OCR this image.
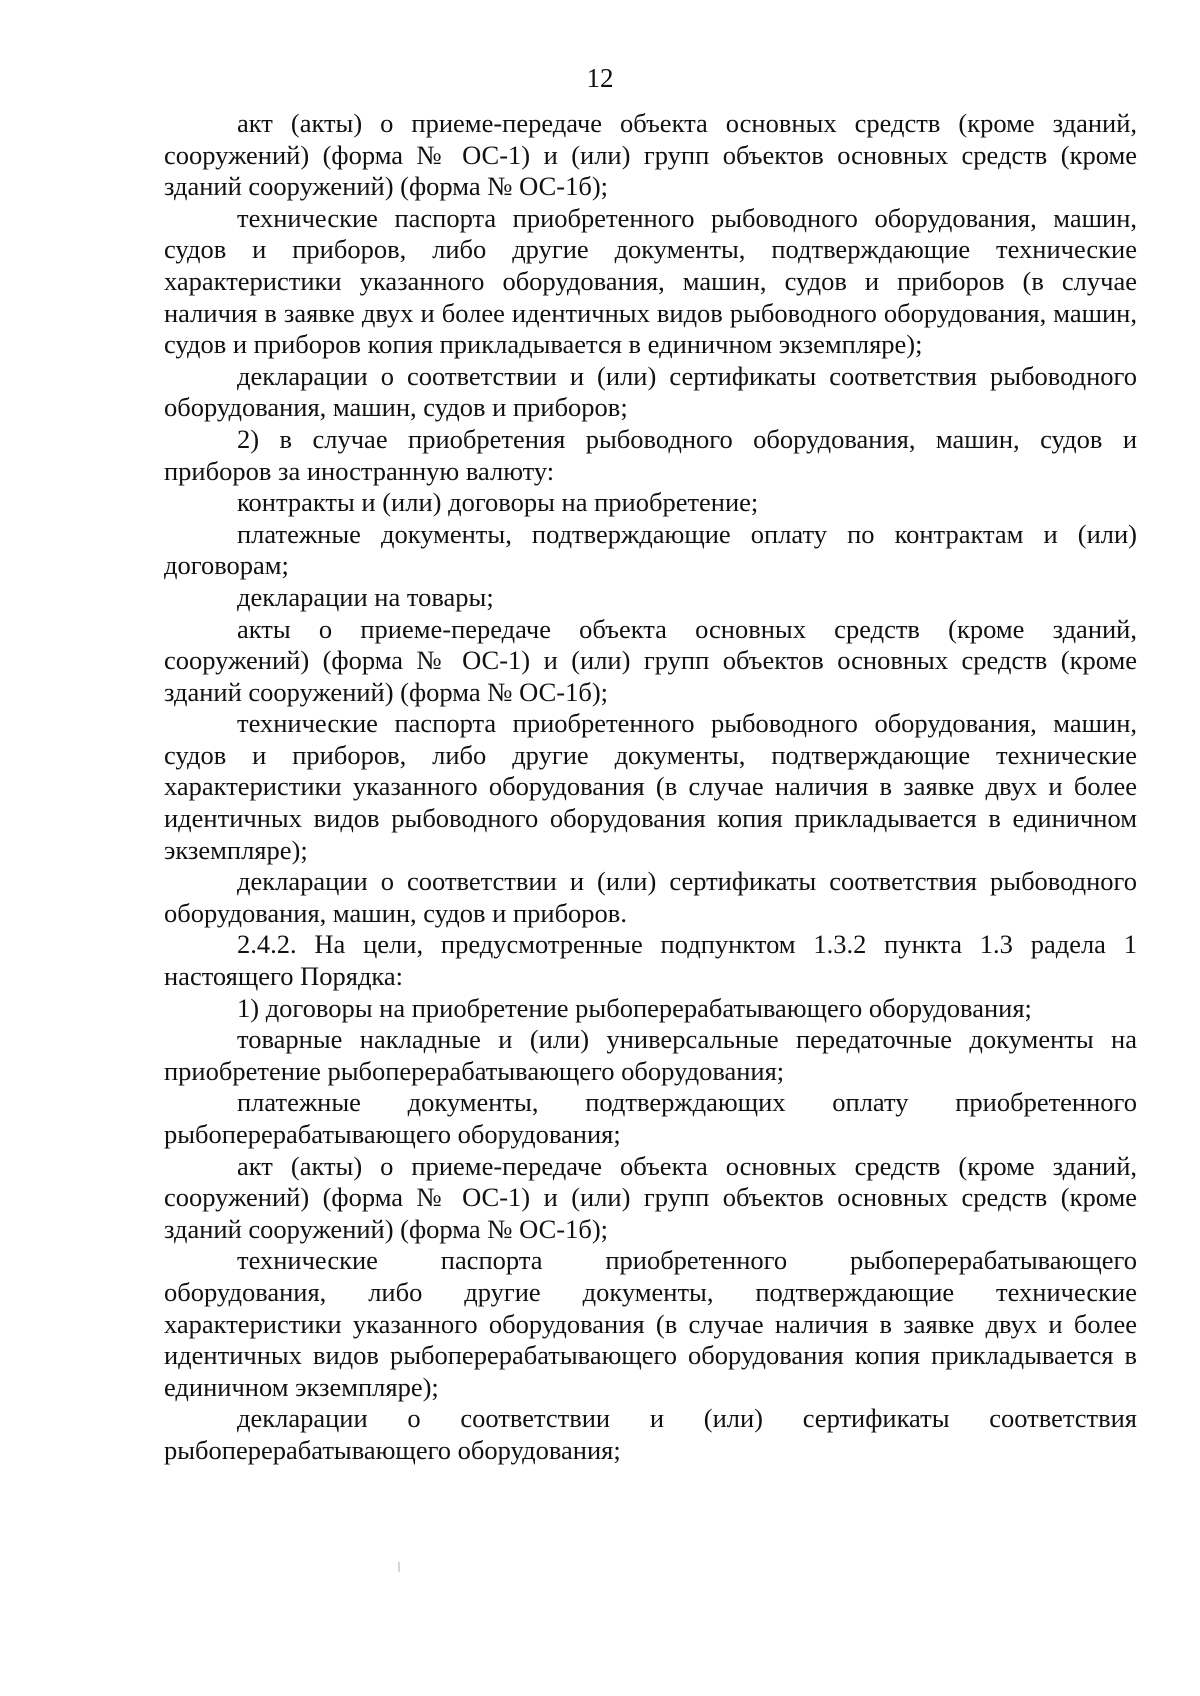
12

акт (акты) о приеме-передаче объекта основных средств (кроме зданий, сооружений) (форма № ОС-1) и (или) групп объектов основных средств (кроме зданий сооружений) (форма № ОС-1б);

технические паспорта приобретенного рыбоводного оборудования, машин, судов и приборов, либо другие документы, подтверждающие технические характеристики указанного оборудования, машин, судов и приборов (в случае наличия в заявке двух и более идентичных видов рыбоводного оборудования, машин, судов и приборов копия прикладывается в единичном экземпляре);

декларации о соответствии и (или) сертификаты соответствия рыбоводного оборудования, машин, судов и приборов;

2) в случае приобретения рыбоводного оборудования, машин, судов и приборов за иностранную валюту:

контракты и (или) договоры на приобретение;

платежные документы, подтверждающие оплату по контрактам и (или) договорам;

декларации на товары;

акты о приеме-передаче объекта основных средств (кроме зданий, сооружений) (форма № ОС-1) и (или) групп объектов основных средств (кроме зданий сооружений) (форма № ОС-1б);

технические паспорта приобретенного рыбоводного оборудования, машин, судов и приборов, либо другие документы, подтверждающие технические характеристики указанного оборудования (в случае наличия в заявке двух и более идентичных видов рыбоводного оборудования копия прикладывается в единичном экземпляре);

декларации о соответствии и (или) сертификаты соответствия рыбоводного оборудования, машин, судов и приборов.

2.4.2. На цели, предусмотренные подпунктом 1.3.2 пункта 1.3 радела 1 настоящего Порядка:

1) договоры на приобретение рыбоперерабатывающего оборудования;

товарные накладные и (или) универсальные передаточные документы на приобретение рыбоперерабатывающего оборудования;

платежные документы, подтверждающих оплату приобретенного рыбоперерабатывающего оборудования;

акт (акты) о приеме-передаче объекта основных средств (кроме зданий, сооружений) (форма № ОС-1) и (или) групп объектов основных средств (кроме зданий сооружений) (форма № ОС-1б);

технические паспорта приобретенного рыбоперерабатывающего оборудования, либо другие документы, подтверждающие технические характеристики указанного оборудования (в случае наличия в заявке двух и более идентичных видов рыбоперерабатывающего оборудования копия прикладывается в единичном экземпляре);

декларации о соответствии и (или) сертификаты соответствия рыбоперерабатывающего оборудования;
